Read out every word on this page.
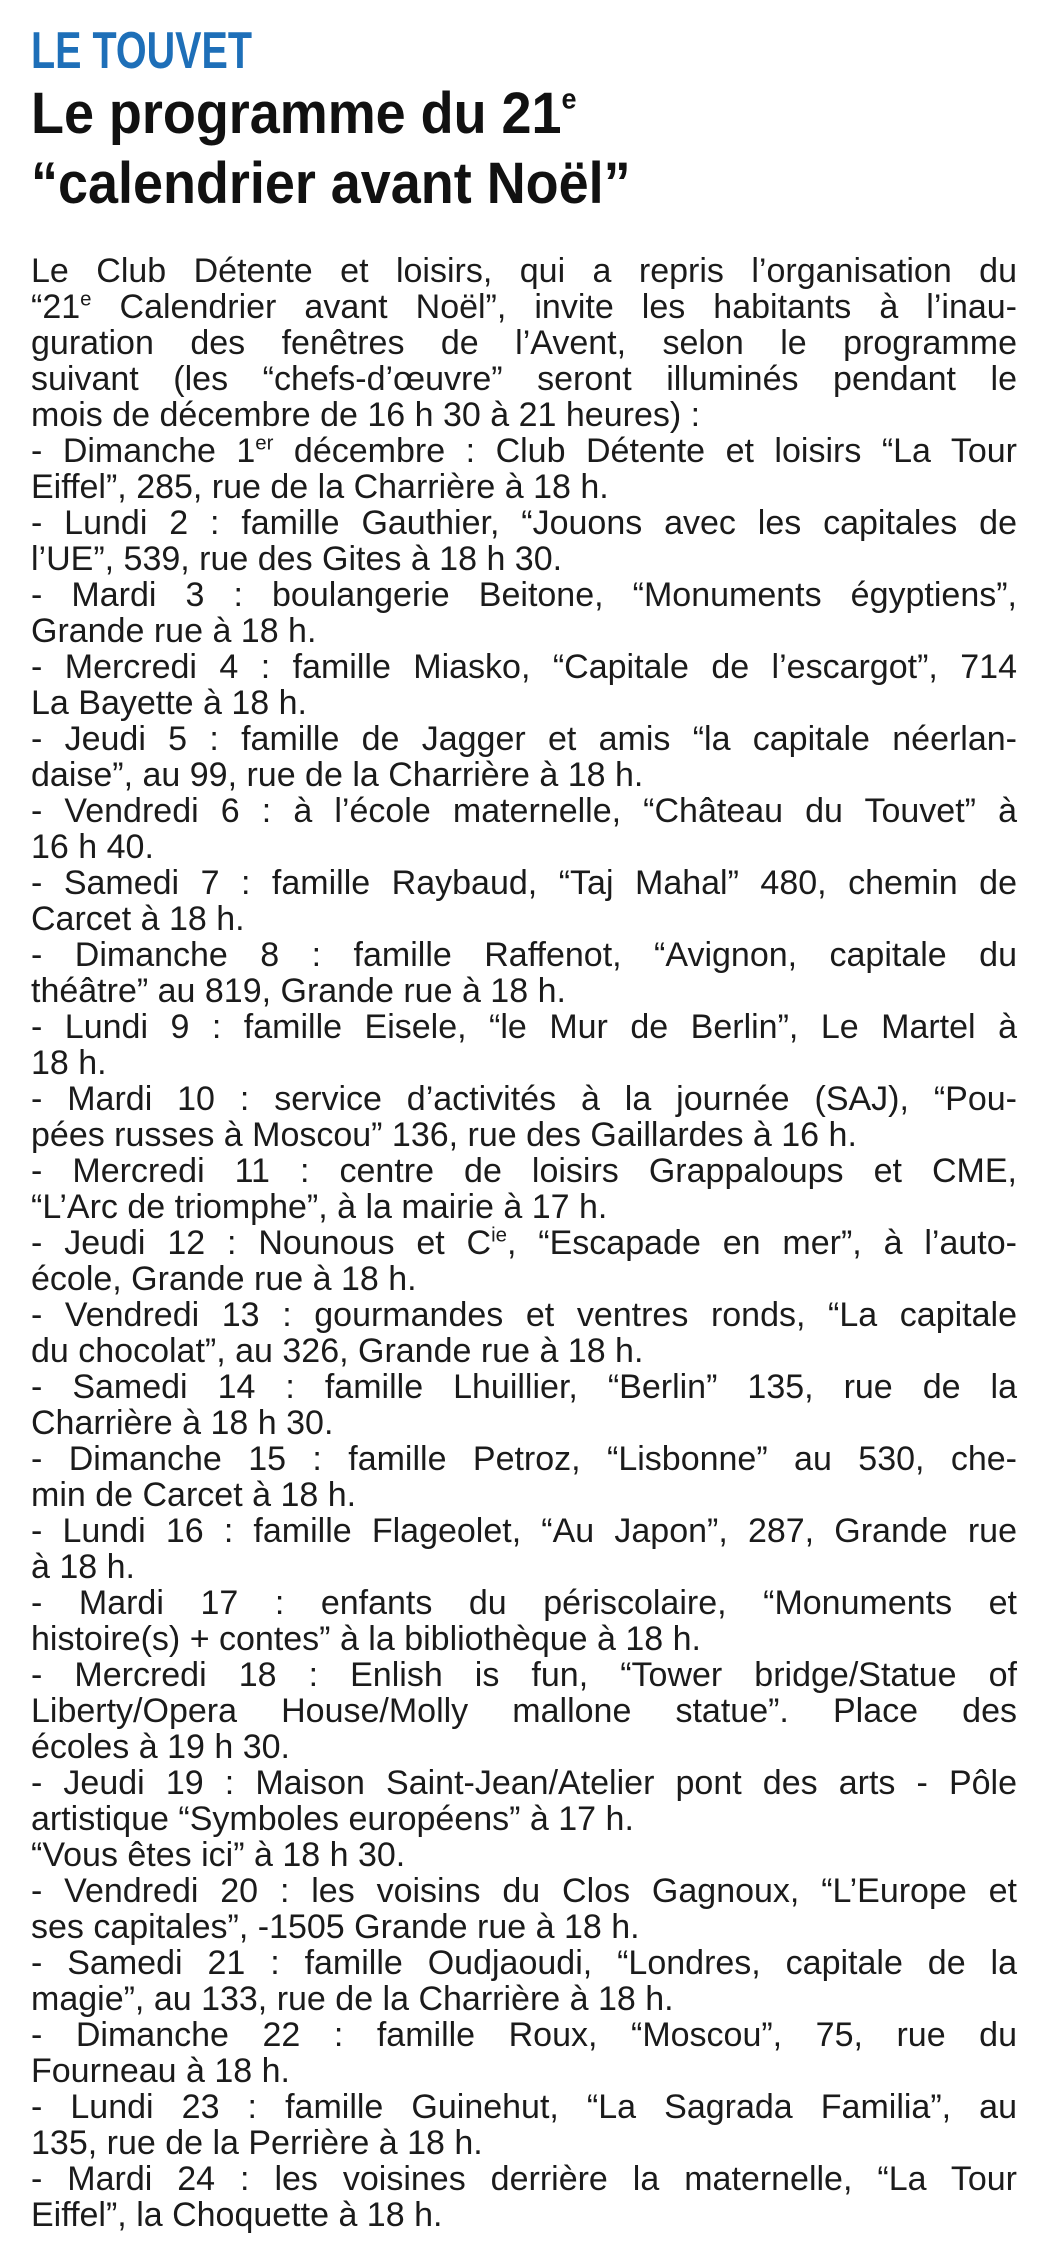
LE TOUVET
Le programme du 21e
“calendrier avant Noël”
Le Club Détente et loisirs, qui a repris l’organisation du
“21e Calendrier avant Noël”, invite les habitants à l’inau-
guration des fenêtres de l’Avent, selon le programme
suivant (les “chefs-d’œuvre” seront illuminés pendant le
mois de décembre de 16 h 30 à 21 heures) :
- Dimanche 1er décembre : Club Détente et loisirs “La Tour
Eiffel”, 285, rue de la Charrière à 18 h.
- Lundi 2 : famille Gauthier, “Jouons avec les capitales de
l’UE”, 539, rue des Gites à 18 h 30.
- Mardi 3 : boulangerie Beitone, “Monuments égyptiens”,
Grande rue à 18 h.
- Mercredi 4 : famille Miasko, “Capitale de l’escargot”, 714
La Bayette à 18 h.
- Jeudi 5 : famille de Jagger et amis “la capitale néerlan-
daise”, au 99, rue de la Charrière à 18 h.
- Vendredi 6 : à l’école maternelle, “Château du Touvet” à
16 h 40.
- Samedi 7 : famille Raybaud, “Taj Mahal” 480, chemin de
Carcet à 18 h.
- Dimanche 8 : famille Raffenot, “Avignon, capitale du
théâtre” au 819, Grande rue à 18 h.
- Lundi 9 : famille Eisele, “le Mur de Berlin”, Le Martel à
18 h.
- Mardi 10 : service d’activités à la journée (SAJ), “Pou-
pées russes à Moscou” 136, rue des Gaillardes à 16 h.
- Mercredi 11 : centre de loisirs Grappaloups et CME,
“L’Arc de triomphe”, à la mairie à 17 h.
- Jeudi 12 : Nounous et $C^{ie}$, “Escapade en mer”, à l’auto-
école, Grande rue à 18 h.
- Vendredi 13 : gourmandes et ventres ronds, “La capitale
du chocolat”, au 326, Grande rue à 18 h.
- Samedi 14 : famille Lhuillier, “Berlin” 135, rue de la
Charrière à 18 h 30.
- Dimanche 15 : famille Petroz, “Lisbonne” au 530, che-
min de Carcet à 18 h.
- Lundi 16 : famille Flageolet, “Au Japon”, 287, Grande rue
à 18 h.
- Mardi 17 : enfants du périscolaire, “Monuments et
histoire(s) + contes” à la bibliothèque à 18 h.
- Mercredi 18 : Enlish is fun, “Tower bridge/Statue of
Liberty/Opera House/Molly mallone statue”. Place des
écoles à 19 h 30.
- Jeudi 19 : Maison Saint-Jean/Atelier pont des arts - Pôle
artistique “Symboles européens” à 17 h.
“Vous êtes ici” à 18 h 30.
- Vendredi 20 : les voisins du Clos Gagnoux, “L’Europe et
ses capitales”, -1505 Grande rue à 18 h.
- Samedi 21 : famille Oudjaoudi, “Londres, capitale de la
magie”, au 133, rue de la Charrière à 18 h.
- Dimanche 22 : famille Roux, “Moscou”, 75, rue du
Fourneau à 18 h.
- Lundi 23 : famille Guinehut, “La Sagrada Familia”, au
135, rue de la Perrière à 18 h.
- Mardi 24 : les voisines derrière la maternelle, “La Tour
Eiffel”, la Choquette à 18 h.
